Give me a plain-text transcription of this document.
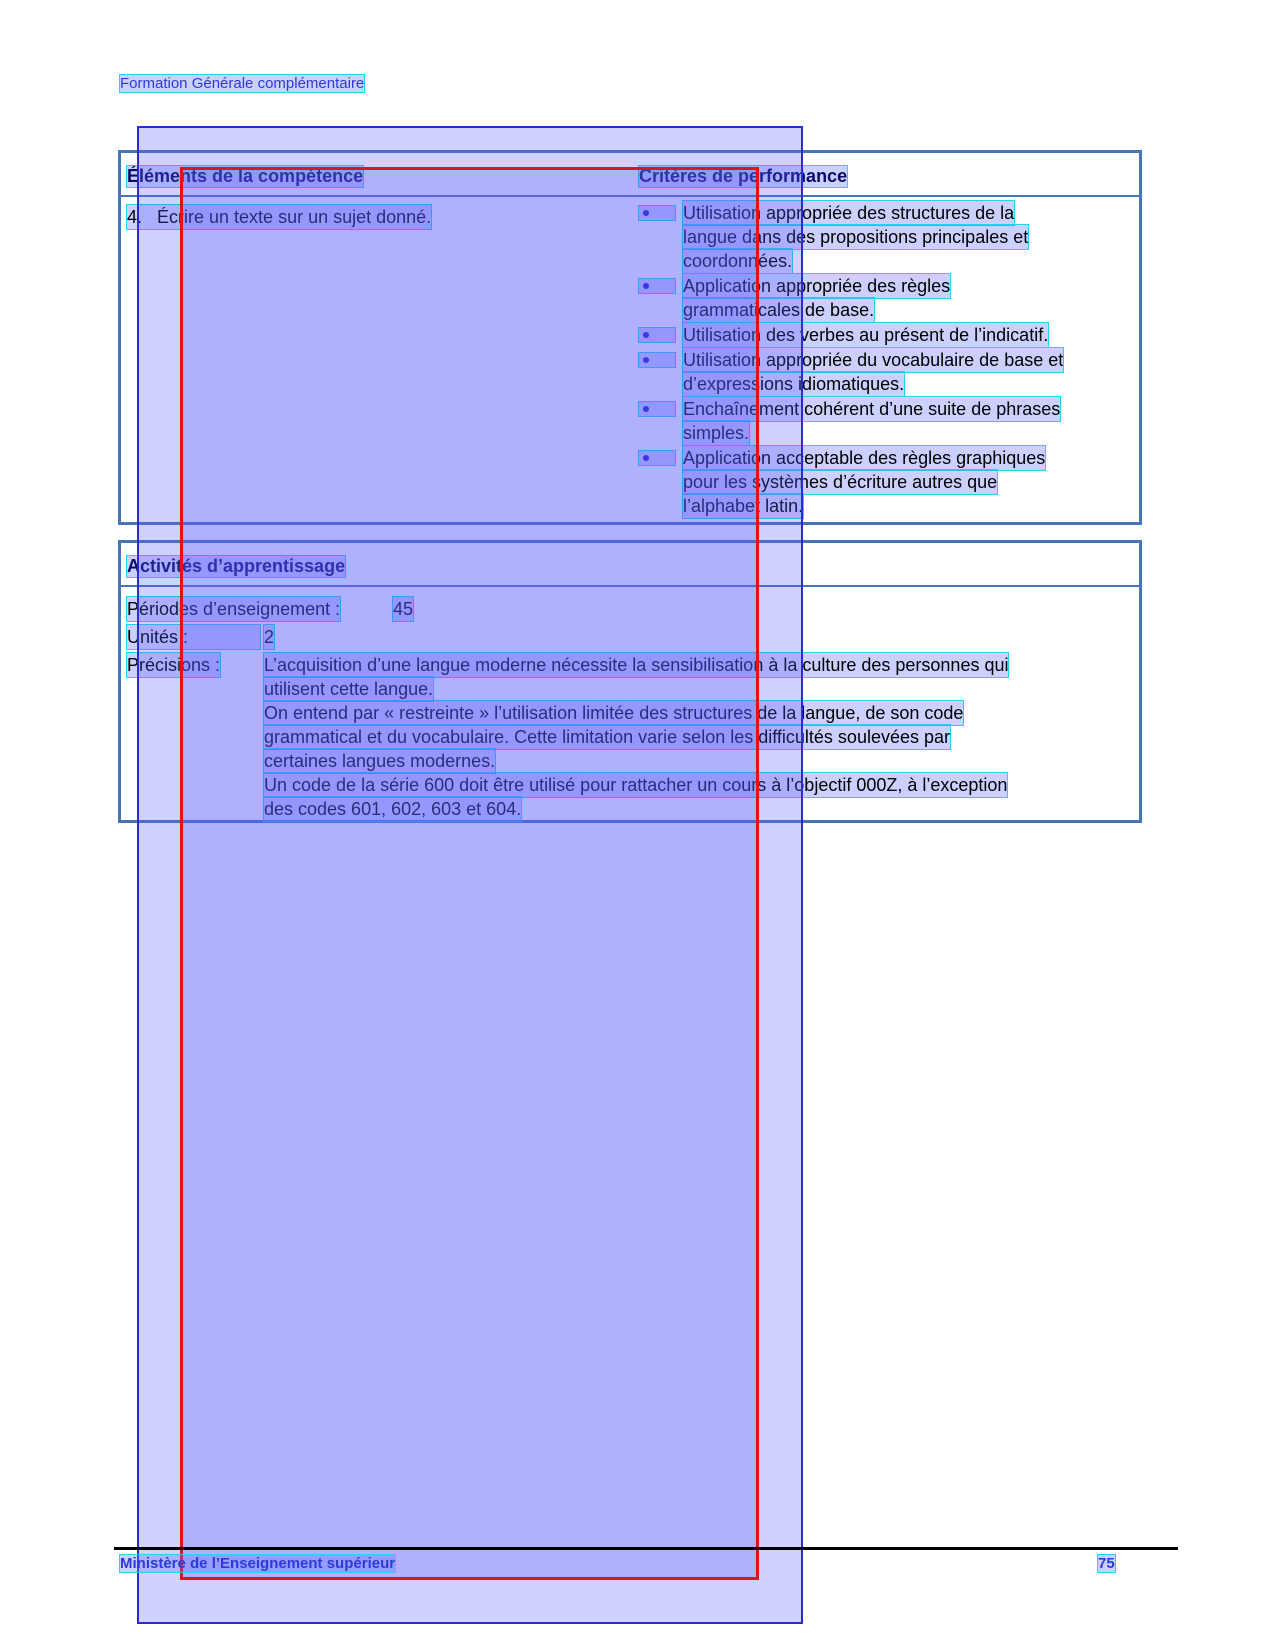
Formation Générale complémentaire
Éléments de la compétence	Critères de performance
4.   Écrire un texte sur un sujet donné.	Utilisation appropriée des structures de la
langue dans des propositions principales et
coordonnées.
Application appropriée des règles
grammaticales de base.
Utilisation des verbes au présent de l’indicatif.
Utilisation appropriée du vocabulaire de base et
d’expressions idiomatiques.
Enchaînement cohérent d’une suite de phrases
simples.
Application acceptable des règles graphiques
pour les systèmes d’écriture autres que
l’alphabet latin.
Activités d’apprentissage
Périodes d’enseignement :	45
Unités :	2
Précisions : L’acquisition d’une langue moderne nécessite la sensibilisation à la culture des personnes qui
utilisent cette langue.
On entend par « restreinte » l’utilisation limitée des structures de la langue, de son code
grammatical et du vocabulaire. Cette limitation varie selon les difficultés soulevées par
certaines langues modernes.
Un code de la série 600 doit être utilisé pour rattacher un cours à l’objectif 000Z, à l’exception
des codes 601, 602, 603 et 604.
Ministère de l’Enseignement supérieur	75
